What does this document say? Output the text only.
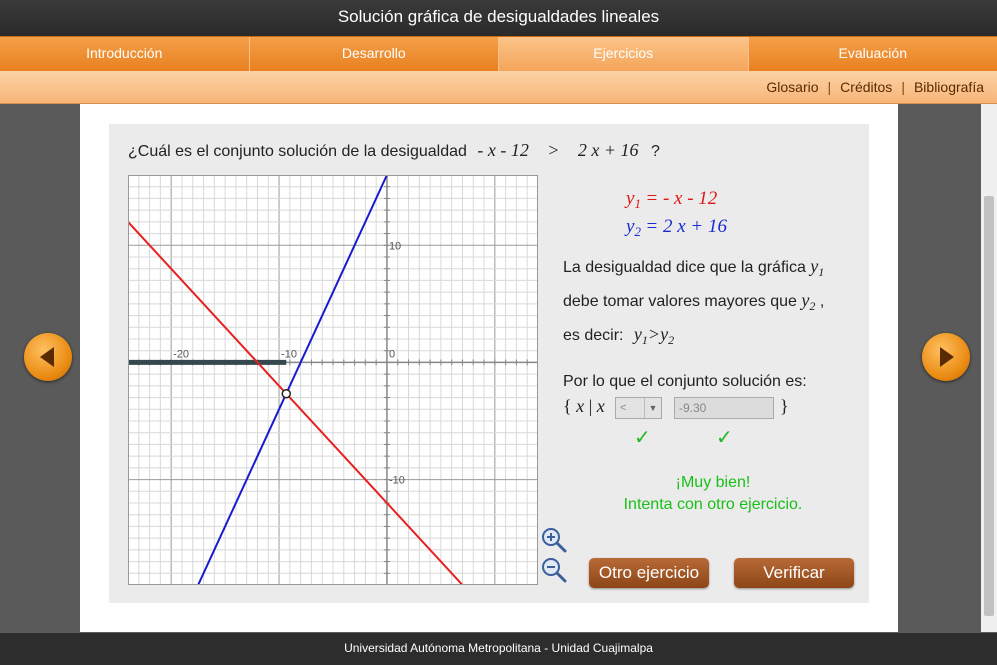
Solución gráfica de desigualdades lineales
Introducción	Desarrollo	Ejercicios	Evaluación
Glosario | Créditos | Bibliografía
¿Cuál es el conjunto solución de la desigualdad - x - 12 > 2 x + 16 ?
-20	-10	0
10
-10
$y_1$ = - x - 12
$y_2 = 2$ x + 16
La desigualdad dice que la gráfica $y_1$
debe tomar valores mayores que $y_2$ ,
es decir: $y_1>y_2$
Por lo que el conjunto solución es:
{ x | x	<	▼	-9.30	}
✓	✓
¡Muy bien!
Intenta con otro ejercicio.
Otro ejercicio	Verificar
Universidad Autónoma Metropolitana - Unidad Cuajimalpa
